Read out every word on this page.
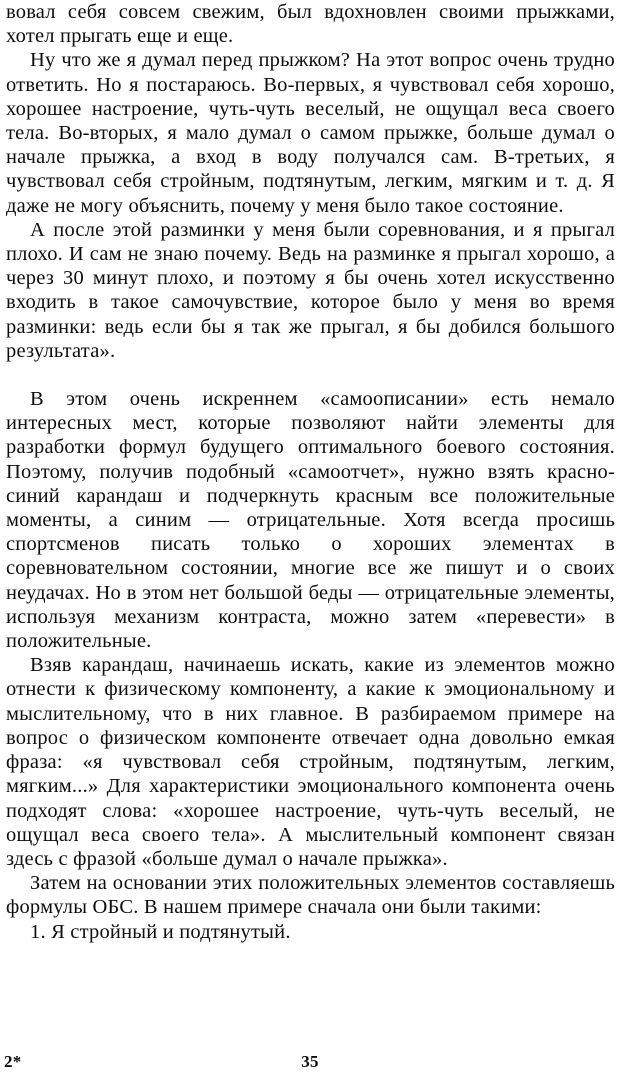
вовал себя совсем свежим, был вдохновлен своими прыжками, хотел прыгать еще и еще.

Ну что же я думал перед прыжком? На этот вопрос очень трудно ответить. Но я постараюсь. Во-первых, я чувствовал себя хорошо, хорошее настроение, чуть-чуть веселый, не ощущал веса своего тела. Во-вторых, я мало думал о самом прыжке, больше думал о начале прыжка, а вход в воду получался сам. В-третьих, я чувствовал себя стройным, подтянутым, легким, мягким и т. д. Я даже не могу объяснить, почему у меня было такое состояние.

А после этой разминки у меня были соревнования, и я прыгал плохо. И сам не знаю почему. Ведь на разминке я прыгал хорошо, а через 30 минут плохо, и поэтому я бы очень хотел искусственно входить в такое самочувствие, которое было у меня во время разминки: ведь если бы я так же прыгал, я бы добился большого результата».

В этом очень искреннем «самоописании» есть немало интересных мест, которые позволяют найти элементы для разработки формул будущего оптимального боевого состояния. Поэтому, получив подобный «самоотчет», нужно взять красно-синий карандаш и подчеркнуть красным все положительные моменты, а синим — отрицательные. Хотя всегда просишь спортсменов писать только о хороших элементах в соревновательном состоянии, многие все же пишут и о своих неудачах. Но в этом нет большой беды — отрицательные элементы, используя механизм контраста, можно затем «перевести» в положительные.

Взяв карандаш, начинаешь искать, какие из элементов можно отнести к физическому компоненту, а какие к эмоциональному и мыслительному, что в них главное. В разбираемом примере на вопрос о физическом компоненте отвечает одна довольно емкая фраза: «я чувствовал себя стройным, подтянутым, легким, мягким...» Для характеристики эмоционального компонента очень подходят слова: «хорошее настроение, чуть-чуть веселый, не ощущал веса своего тела». А мыслительный компонент связан здесь с фразой «больше думал о начале прыжка».

Затем на основании этих положительных элементов составляешь формулы ОБС. В нашем примере сначала они были такими:

1. Я стройный и подтянутый.

2*	35
